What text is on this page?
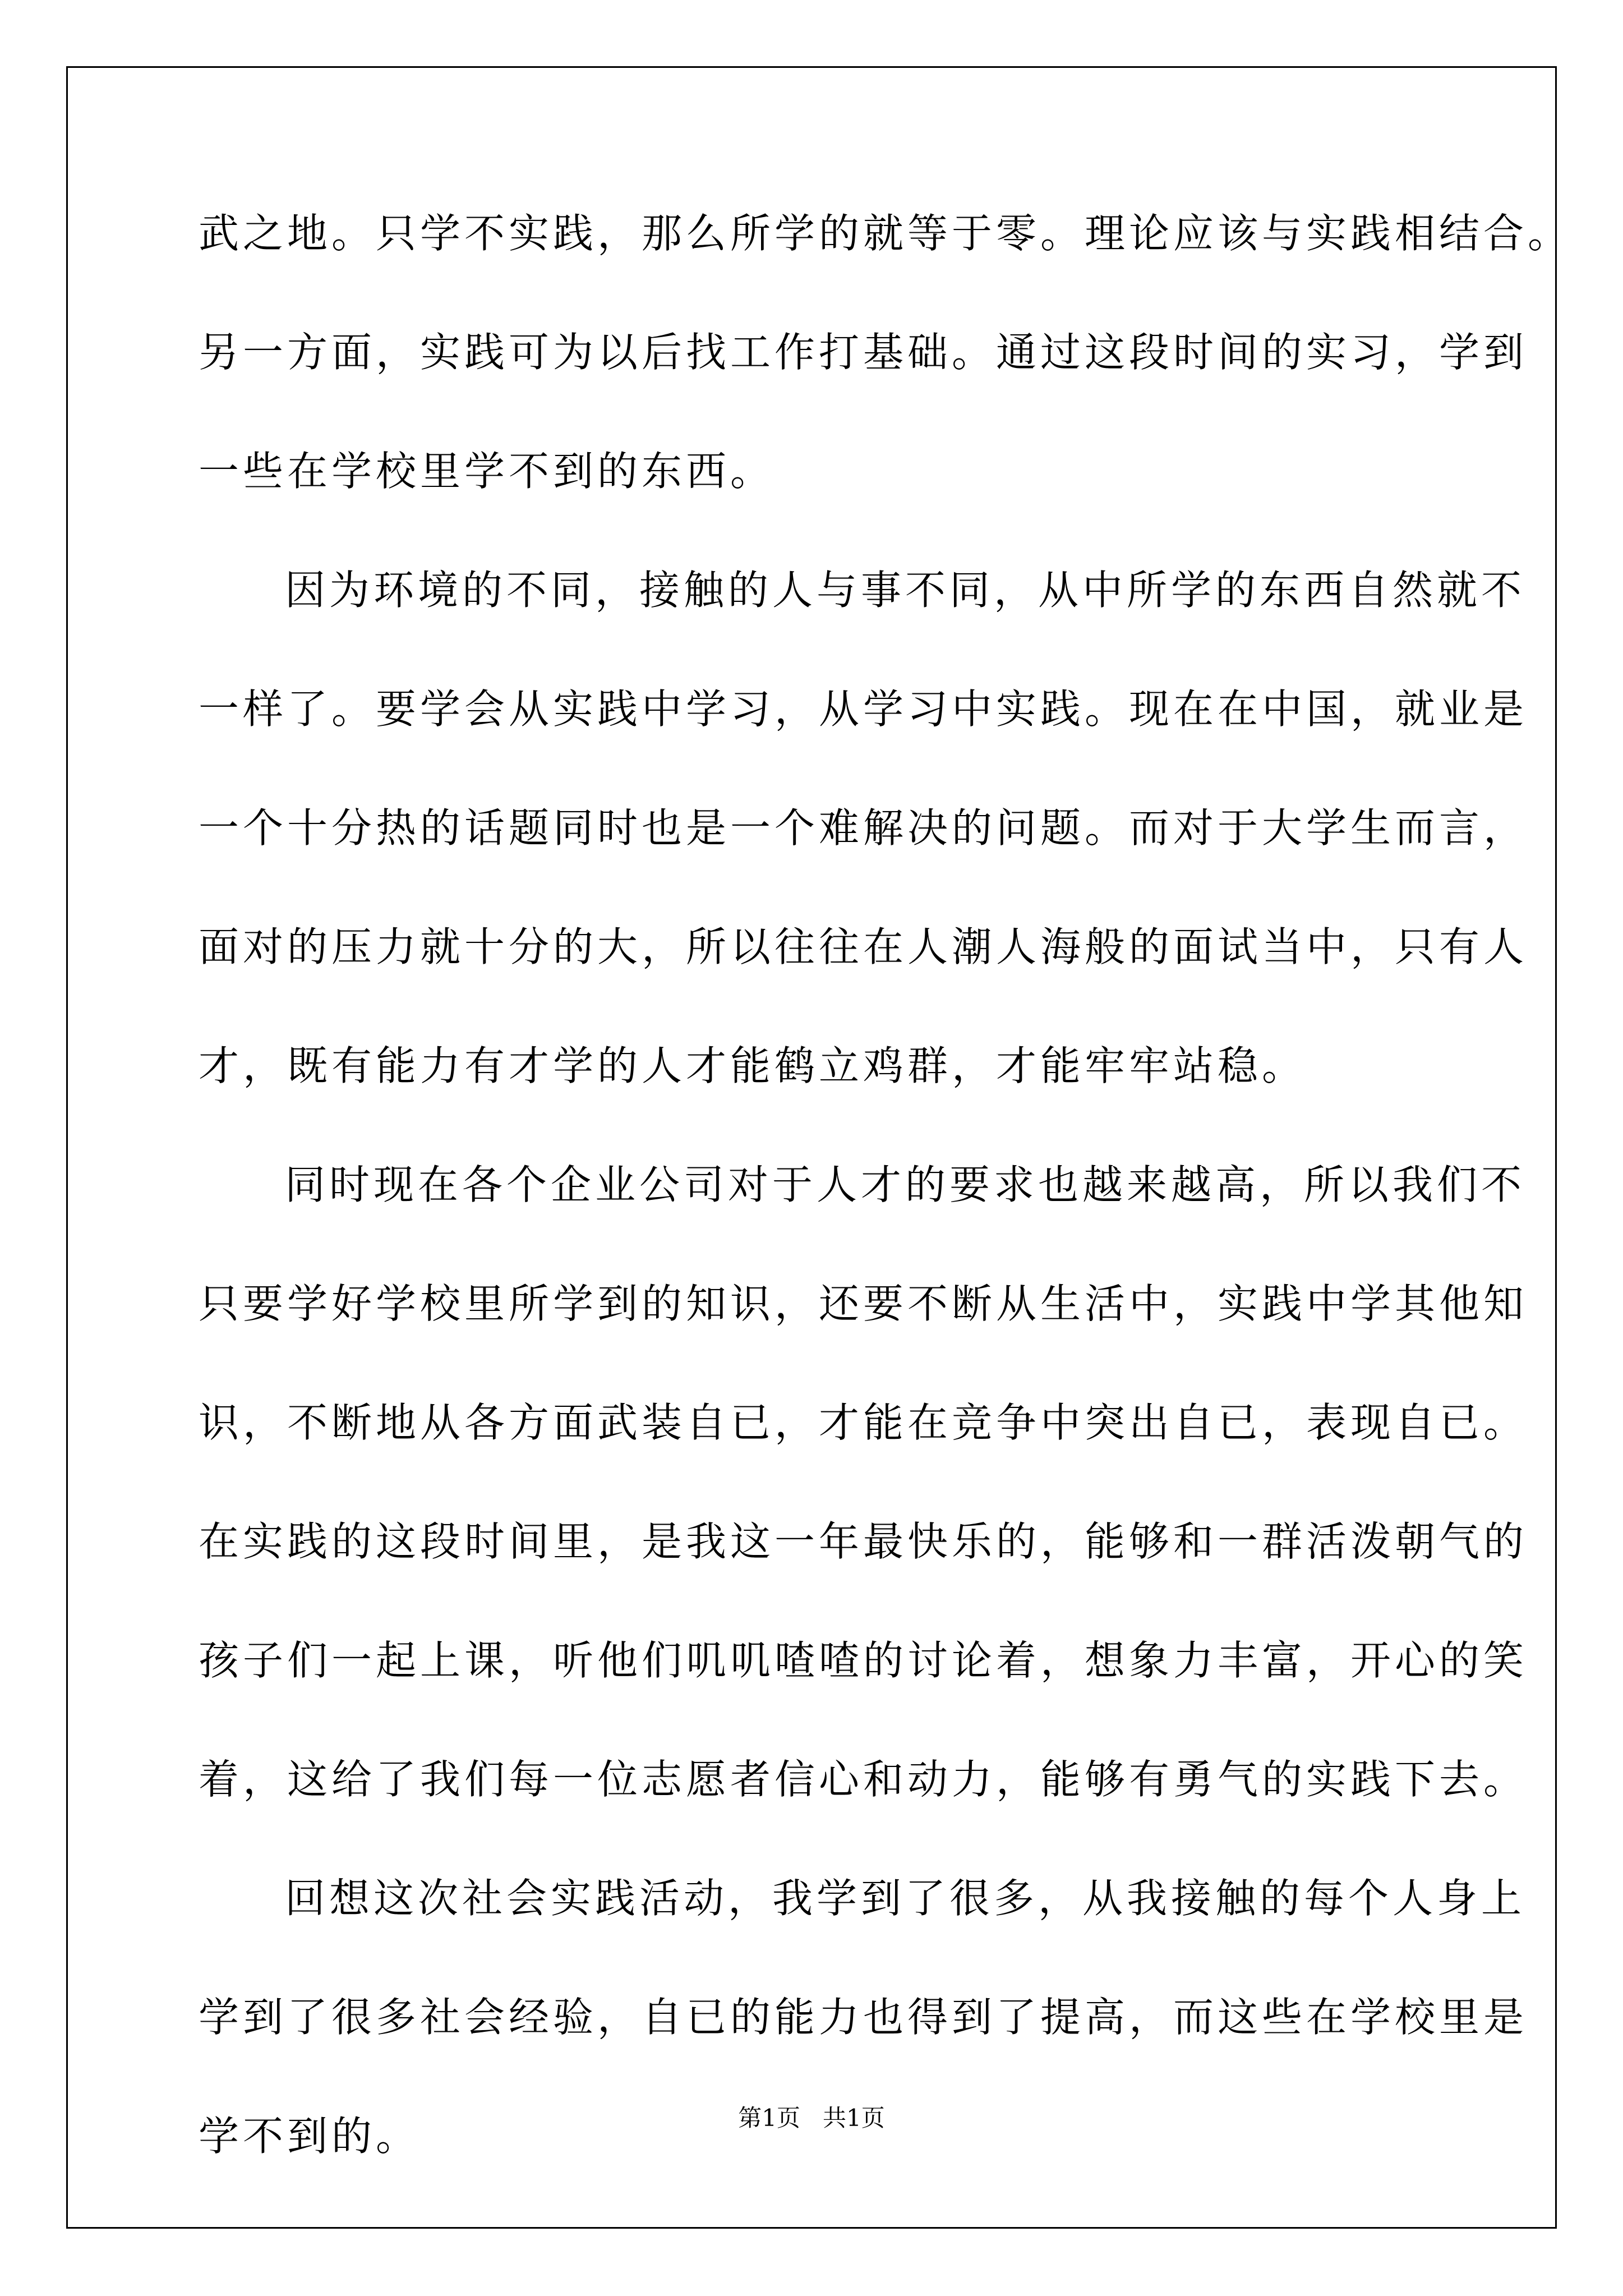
武之地。只学不实践，那么所学的就等于零。理论应该与实践相结合。
另一方面，实践可为以后找工作打基础。通过这段时间的实习，学到
一些在学校里学不到的东西。
因为环境的不同，接触的人与事不同，从中所学的东西自然就不
一样了。要学会从实践中学习，从学习中实践。现在在中国，就业是
一个十分热的话题同时也是一个难解决的问题。而对于大学生而言，
面对的压力就十分的大，所以往往在人潮人海般的面试当中，只有人
才，既有能力有才学的人才能鹤立鸡群，才能牢牢站稳。
同时现在各个企业公司对于人才的要求也越来越高，所以我们不
只要学好学校里所学到的知识，还要不断从生活中，实践中学其他知
识，不断地从各方面武装自已，才能在竞争中突出自已，表现自已。
在实践的这段时间里，是我这一年最快乐的，能够和一群活泼朝气的
孩子们一起上课，听他们叽叽喳喳的讨论着，想象力丰富，开心的笑
着，这给了我们每一位志愿者信心和动力，能够有勇气的实践下去。
回想这次社会实践活动，我学到了很多，从我接触的每个人身上
学到了很多社会经验，自已的能力也得到了提高，而这些在学校里是
学不到的。	第1页   共1页
